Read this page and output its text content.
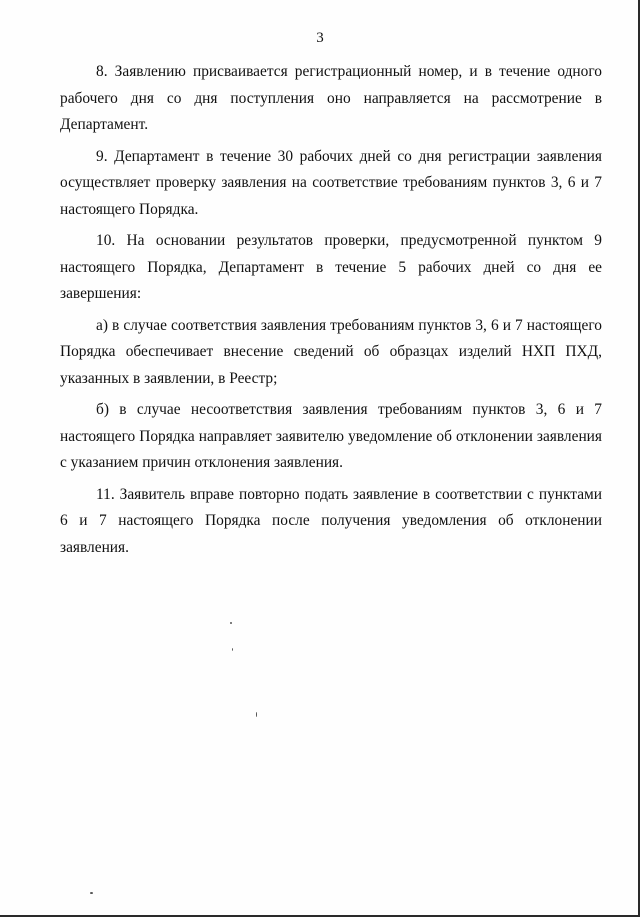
3

8. Заявлению присваивается регистрационный номер, и в течение одного рабочего дня со дня поступления оно направляется на рассмотрение в Департамент.

9. Департамент в течение 30 рабочих дней со дня регистрации заявления осуществляет проверку заявления на соответствие требованиям пунктов 3, 6 и 7 настоящего Порядка.

10. На основании результатов проверки, предусмотренной пунктом 9 настоящего Порядка, Департамент в течение 5 рабочих дней со дня ее завершения:

а) в случае соответствия заявления требованиям пунктов 3, 6 и 7 настоящего Порядка обеспечивает внесение сведений об образцах изделий НХП ПХД, указанных в заявлении, в Реестр;

б) в случае несоответствия заявления требованиям пунктов 3, 6 и 7 настоящего Порядка направляет заявителю уведомление об отклонении заявления с указанием причин отклонения заявления.

11. Заявитель вправе повторно подать заявление в соответствии с пунктами 6 и 7 настоящего Порядка после получения уведомления об отклонении заявления.
